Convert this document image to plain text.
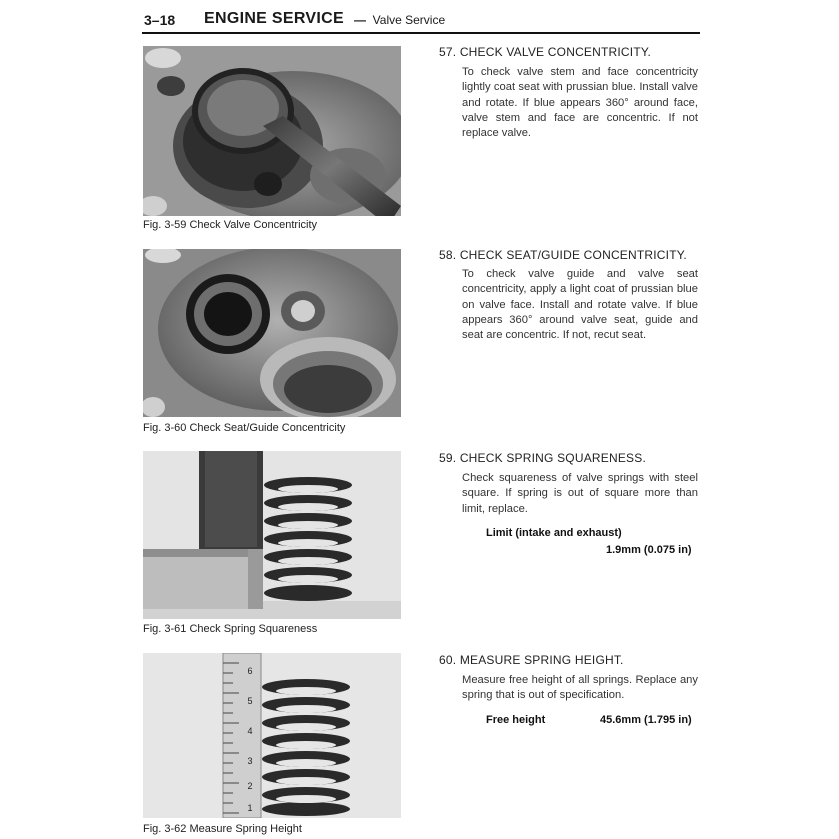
3–18 ENGINE SERVICE — Valve Service
Fig. 3-59 Check Valve Concentricity
Fig. 3-60 Check Seat/Guide Concentricity
Fig. 3-61 Check Spring Squareness
6
5
4
3
2
1
Fig. 3-62 Measure Spring Height
57. CHECK VALVE CONCENTRICITY.
To check valve stem and face concentricity lightly coat seat with prussian blue. Install valve and rotate. If blue appears 360° around face, valve stem and face are concentric. If not replace valve.
58. CHECK SEAT/GUIDE CONCENTRICITY.
To check valve guide and valve seat concentricity, apply a light coat of prussian blue on valve face. Install and rotate valve. If blue appears 360° around valve seat, guide and seat are concentric. If not, recut seat.
59. CHECK SPRING SQUARENESS.
Check squareness of valve springs with steel square. If spring is out of square more than limit, replace.
Limit (intake and exhaust)
1.9mm (0.075 in)
60. MEASURE SPRING HEIGHT.
Measure free height of all springs. Replace any spring that is out of specification.
Free height	45.6mm (1.795 in)
